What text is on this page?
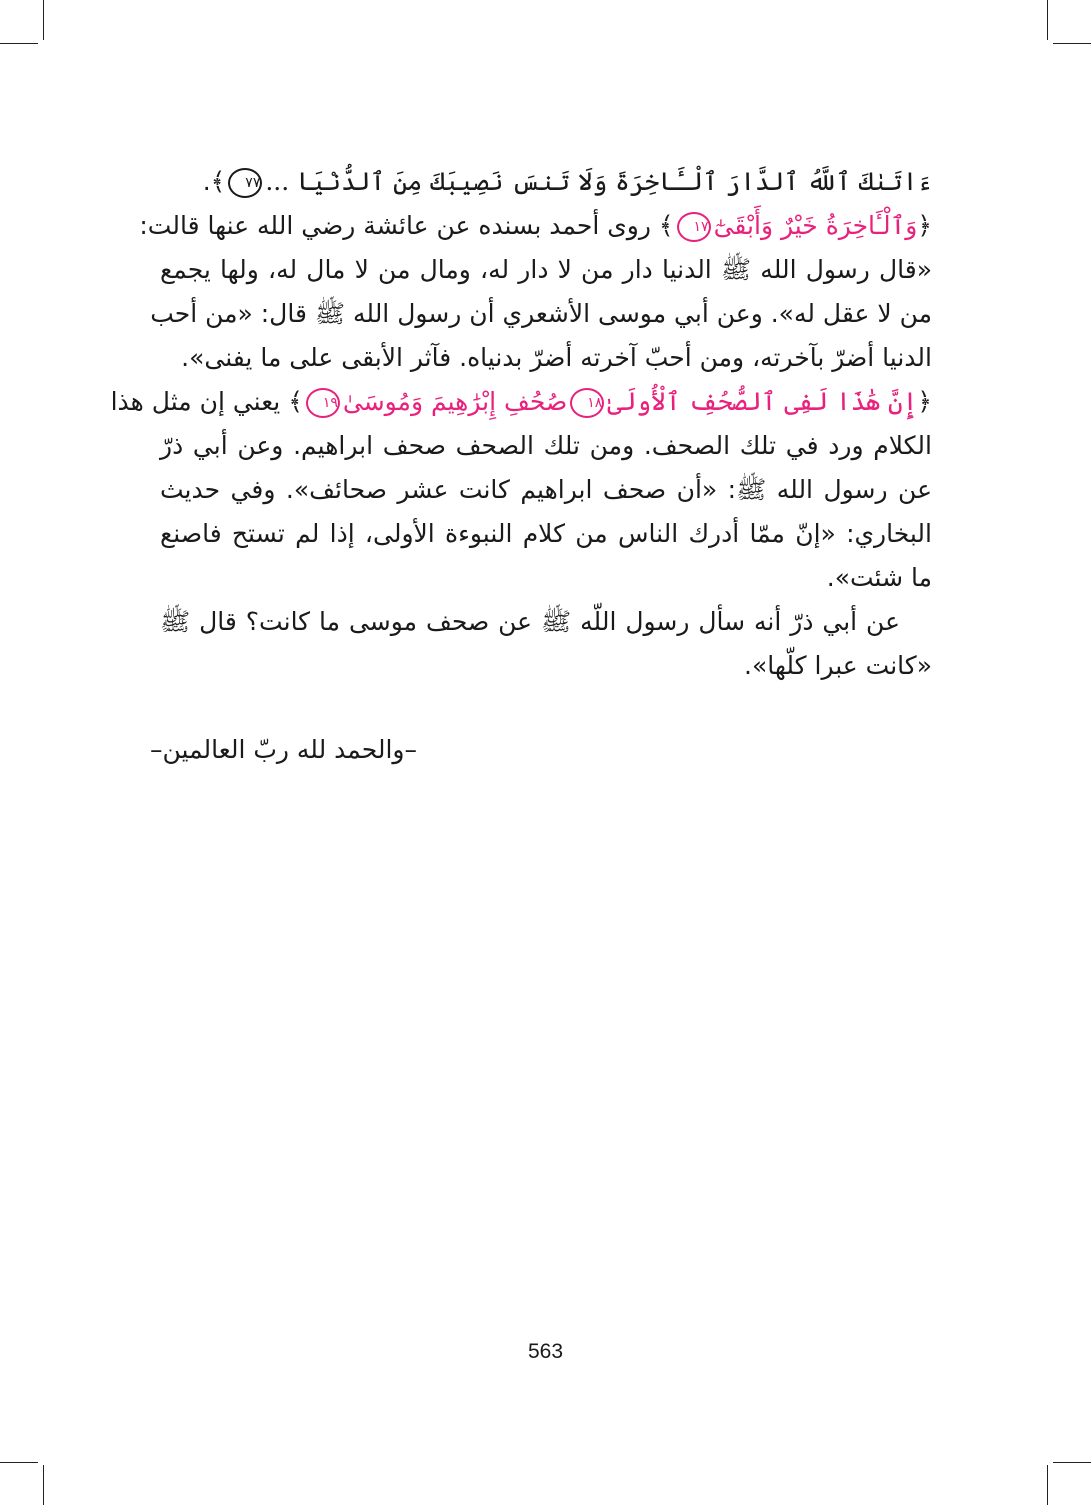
ءَاتَىٰكَ ٱللَّهُ ٱلدَّارَ ٱلْـَٔاخِرَةَ وَلَا تَنسَ نَصِيبَكَ مِنَ ٱلدُّنْيَا ...٧٧﴾.
﴿وَٱلْـَٔاخِرَةُ خَيْرٌ وَأَبْقَىٰٓ١٧﴾ روى أحمد بسنده عن عائشة رضي الله عنها قالت:
«قال رسول الله ﷺ الدنيا دار من لا دار له، ومال من لا مال له، ولها يجمع
من لا عقل له». وعن أبي موسى الأشعري أن رسول الله ﷺ قال: «من أحب
الدنيا أضرّ بآخرته، ومن أحبّ آخرته أضرّ بدنياه. فآثر الأبقى على ما يفنى».
﴿إِنَّ هَٰذَا لَفِى ٱلصُّحُفِ ٱلْأُولَىٰ١٨صُحُفِ إِبْرَٰهِيمَ وَمُوسَىٰ١٩﴾ يعني إن مثل هذا
الكلام ورد في تلك الصحف. ومن تلك الصحف صحف ابراهيم. وعن أبي ذرّ
عن رسول الله ﷺ: «أن صحف ابراهيم كانت عشر صحائف». وفي حديث
البخاري: «إنّ ممّا أدرك الناس من كلام النبوءة الأولى، إذا لم تستح فاصنع
ما شئت».
عن أبي ذرّ أنه سأل رسول اللّه ﷺ عن صحف موسى ما كانت؟ قال ﷺ
«كانت عبرا كلّها».
–والحمد لله ربّ العالمين–
563
